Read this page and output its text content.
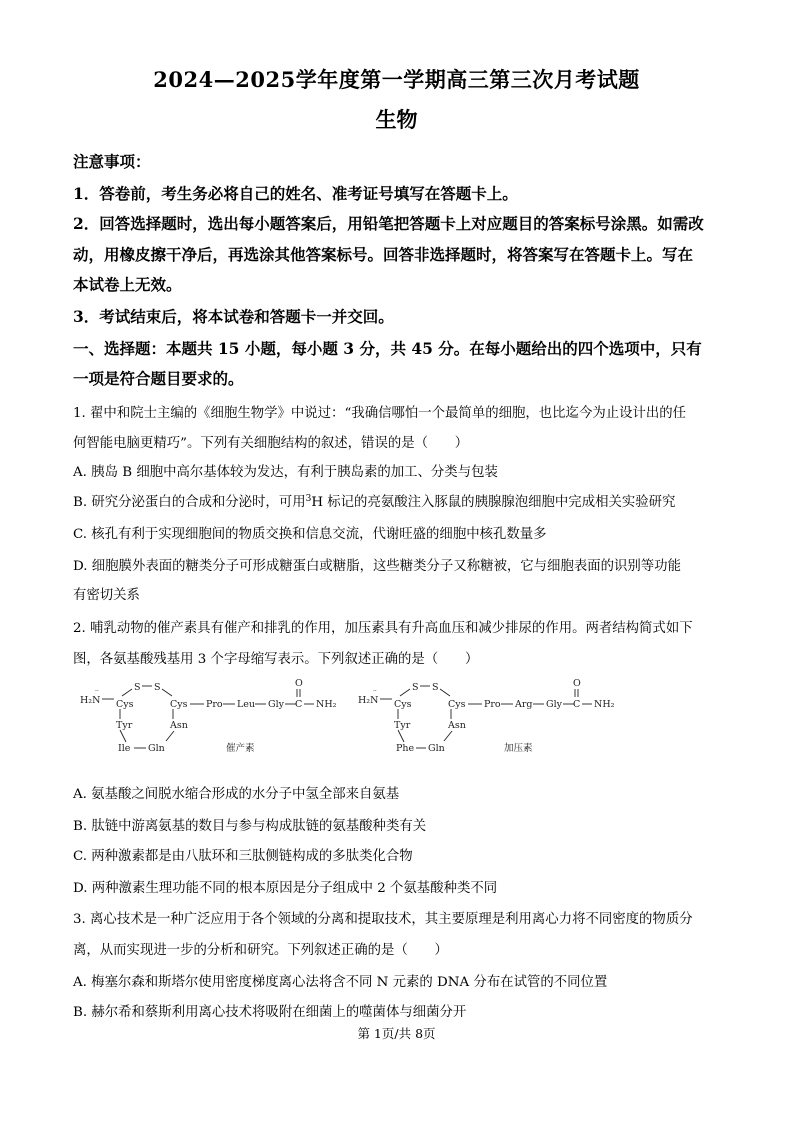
2024—2025学年度第一学期高三第三次月考试题
生物
注意事项：
1．答卷前，考生务必将自己的姓名、准考证号填写在答题卡上。
2．回答选择题时，选出每小题答案后，用铅笔把答题卡上对应题目的答案标号涂黑。如需改
动，用橡皮擦干净后，再选涂其他答案标号。回答非选择题时，将答案写在答题卡上。写在
本试卷上无效。
3．考试结束后，将本试卷和答题卡一并交回。
一、选择题：本题共 15 小题，每小题 3 分，共 45 分。在每小题给出的四个选项中，只有
一项是符合题目要求的。
1. 翟中和院士主编的《细胞生物学》中说过：“我确信哪怕一个最简单的细胞，也比迄今为止设计出的任
何智能电脑更精巧”。下列有关细胞结构的叙述，错误的是（　　）
A. 胰岛 B 细胞中高尔基体较为发达，有利于胰岛素的加工、分类与包装
B. 研究分泌蛋白的合成和分泌时，可用$^3$H 标记的亮氨酸注入豚鼠的胰腺腺泡细胞中完成相关实验研究
C. 核孔有利于实现细胞间的物质交换和信息交流，代谢旺盛的细胞中核孔数量多
D. 细胞膜外表面的糖类分子可形成糖蛋白或糖脂，这些糖类分子又称糖被，它与细胞表面的识别等功能
有密切关系
2. 哺乳动物的催产素具有催产和排乳的作用，加压素具有升高血压和减少排尿的作用。两者结构简式如下
图，各氨基酸残基用 3 个字母缩写表示。下列叙述正确的是（　　）
H₂N
··
Cys
S S
Cys Pro Leu Gly
O
C NH₂
Tyr
Ile Gln
Asn
催产素
H₂N
··
Cys
S S
Cys Pro Arg Gly
O
C NH₂
Tyr
Phe Gln
Asn
加压素
A. 氨基酸之间脱水缩合形成的水分子中氢全部来自氨基
B. 肽链中游离氨基的数目与参与构成肽链的氨基酸种类有关
C. 两种激素都是由八肽环和三肽侧链构成的多肽类化合物
D. 两种激素生理功能不同的根本原因是分子组成中 2 个氨基酸种类不同
3. 离心技术是一种广泛应用于各个领域的分离和提取技术，其主要原理是利用离心力将不同密度的物质分
离，从而实现进一步的分析和研究。下列叙述正确的是（　　）
A. 梅塞尔森和斯塔尔使用密度梯度离心法将含不同 N 元素的 DNA 分布在试管的不同位置
B. 赫尔希和蔡斯利用离心技术将吸附在细菌上的噬菌体与细菌分开
第 1页/共 8页
